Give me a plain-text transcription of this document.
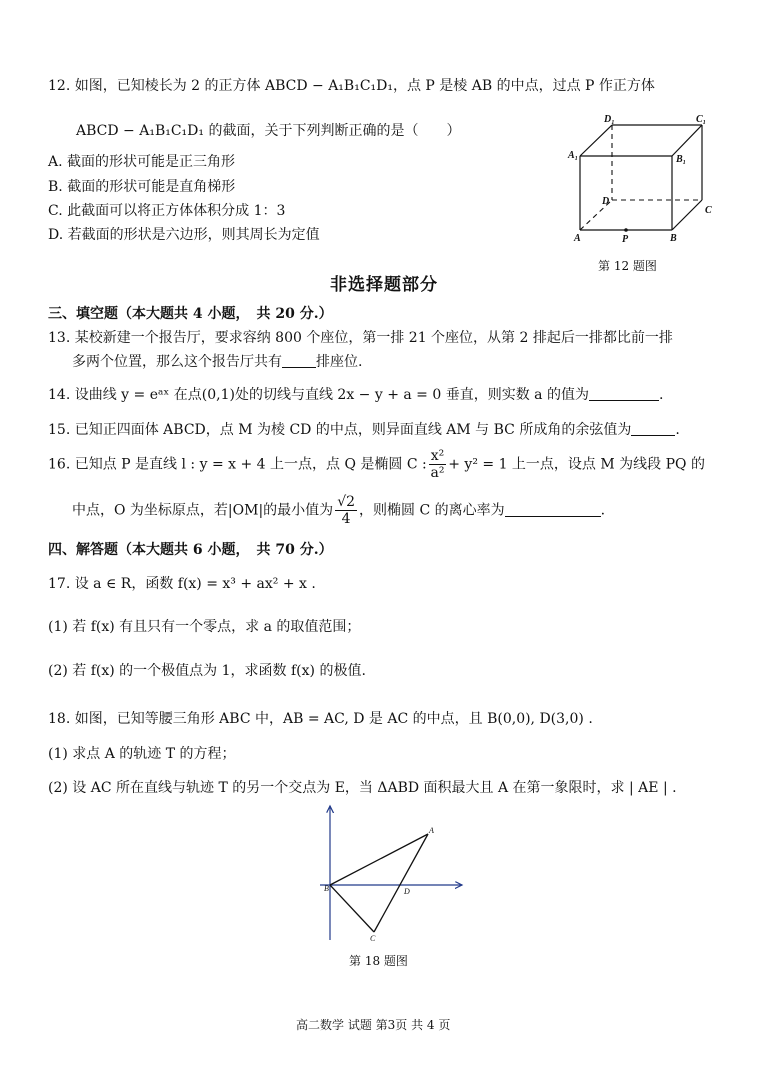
12. 如图，已知棱长为 2 的正方体 ABCD − A₁B₁C₁D₁，点 P 是棱 AB 的中点，过点 P 作正方体
ABCD − A₁B₁C₁D₁ 的截面，关于下列判断正确的是（　　）
A. 截面的形状可能是正三角形
B. 截面的形状可能是直角梯形
C. 此截面可以将正方体体积分成 1：3
D. 若截面的形状是六边形，则其周长为定值
D₁	C₁
A₁	B₁
D
C
A	P	B
第 12 题图
非选择题部分
三、填空题（本大题共 4 小题，　共 20 分.）
13. 某校新建一个报告厅，要求容纳 800 个座位，第一排 21 个座位，从第 2 排起后一排都比前一排
多两个位置，那么这个报告厅共有 排座位.
14. 设曲线 y = eᵃˣ 在点(0,1)处的切线与直线 2x − y + a = 0 垂直，则实数 a 的值为	.
15. 已知正四面体 ABCD，点 M 为棱 CD 的中点，则异面直线 AM 与 BC 所成角的余弦值为	.
16. 已知点 P 是直线 l : y = x + 4 上一点，点 Q 是椭圆 C : $\frac{\text{x²}}{\text{a²}} + y^2 = 1$ 上一点，设点 M 为线段 PQ 的
中点，O 为坐标原点，若|OM|的最小值为 $\frac{√2}{4}$ ，则椭圆 C 的离心率为	.
四、解答题（本大题共 6 小题，　共 70 分.）
17. 设 a ∈ R，函数 f(x) = x³ + ax² + x .
(1) 若 f(x) 有且只有一个零点，求 a 的取值范围；
(2) 若 f(x) 的一个极值点为 1，求函数 f(x) 的极值.
18. 如图，已知等腰三角形 ABC 中，AB = AC, D 是 AC 的中点，且 B(0,0), D(3,0) .
(1) 求点 A 的轨迹 T 的方程；
(2) 设 AC 所在直线与轨迹 T 的另一个交点为 E，当 ΔABD 面积最大且 A 在第一象限时，求 | AE | .
A
B	D
C
第 18 题图
高二数学 试题 第3页 共 4 页
